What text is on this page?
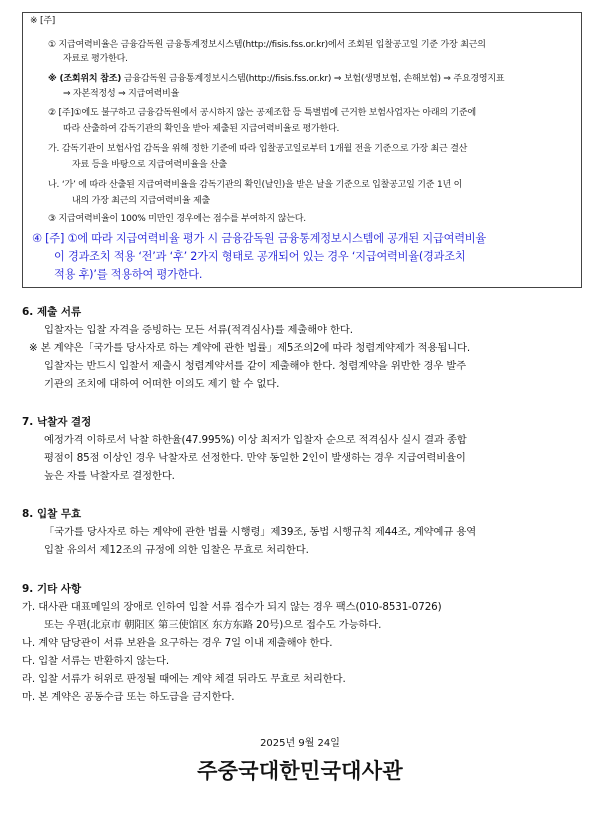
※ [주]
① 지급여력비율은 금융감독원 금융통계정보시스템(http://fisis.fss.or.kr)에서 조회된 입찰공고일 기준 가장 최근의
자료로 평가한다.
※ (조회위치 참조) 금융감독원 금융통계정보시스템(http://fisis.fss.or.kr) ⇒ 보험(생명보험, 손해보험) ⇒ 주요경영지표
⇒ 자본적정성 ⇒ 지급여력비율
② [주]①에도 불구하고 금융감독원에서 공시하지 않는 공제조합 등 특별법에 근거한 보험사업자는 아래의 기준에
따라 산출하여 감독기관의 확인을 받아 제출된 지급여력비율로 평가한다.
가. 감독기관이 보험사업 감독을 위해 정한 기준에 따라 입찰공고일로부터 1개월 전을 기준으로 가장 최근 결산
자료 등을 바탕으로 지급여력비율을 산출
나. ‘가’ 에 따라 산출된 지급여력비율을 감독기관의 확인(날인)을 받은 날을 기준으로 입찰공고일 기준 1년 이
내의 가장 최근의 지급여력비율 제출
③ 지급여력비율이 100% 미만인 경우에는 점수를 부여하지 않는다.
④ [주] ①에 따라 지급여력비율 평가 시 금융감독원 금융통계정보시스템에 공개된 지급여력비율
이 경과조치 적용 ‘전’과 ‘후’ 2가지 형태로 공개되어 있는 경우 ‘지급여력비율(경과조치
적용 후)’를 적용하여 평가한다.
6. 제출 서류
입찰자는 입찰 자격을 증빙하는 모든 서류(적격심사)를 제출해야 한다.
※ 본 계약은「국가를 당사자로 하는 계약에 관한 법률」제5조의2에 따라 청렴계약제가 적용됩니다.
입찰자는 반드시 입찰서 제출시 청렴계약서를 같이 제출해야 한다. 청렴계약을 위반한 경우 발주
기관의 조치에 대하여 어떠한 이의도 제기 할 수 없다.
7. 낙찰자 결정
예정가격 이하로서 낙찰 하한율(47.995%) 이상 최저가 입찰자 순으로 적격심사 실시 결과 종합
평점이 85점 이상인 경우 낙찰자로 선정한다. 만약 동일한 2인이 발생하는 경우 지급여력비율이
높은 자를 낙찰자로 결정한다.
8. 입찰 무효
「국가를 당사자로 하는 계약에 관한 법률 시행령」제39조, 동법 시행규칙 제44조, 계약예규 용역
입찰 유의서 제12조의 규정에 의한 입찰은 무효로 처리한다.
9. 기타 사항
가. 대사관 대표메일의 장애로 인하여 입찰 서류 접수가 되지 않는 경우 팩스(010-8531-0726)
또는 우편(北京市 朝阳区 第三使馆区 东方东路 20号)으로 접수도 가능하다.
나. 계약 담당관이 서류 보완을 요구하는 경우 7일 이내 제출해야 한다.
다. 입찰 서류는 반환하지 않는다.
라. 입찰 서류가 허위로 판정될 때에는 계약 체결 뒤라도 무효로 처리한다.
마. 본 계약은 공동수급 또는 하도급을 금지한다.
2025년 9월 24일
주중국대한민국대사관
